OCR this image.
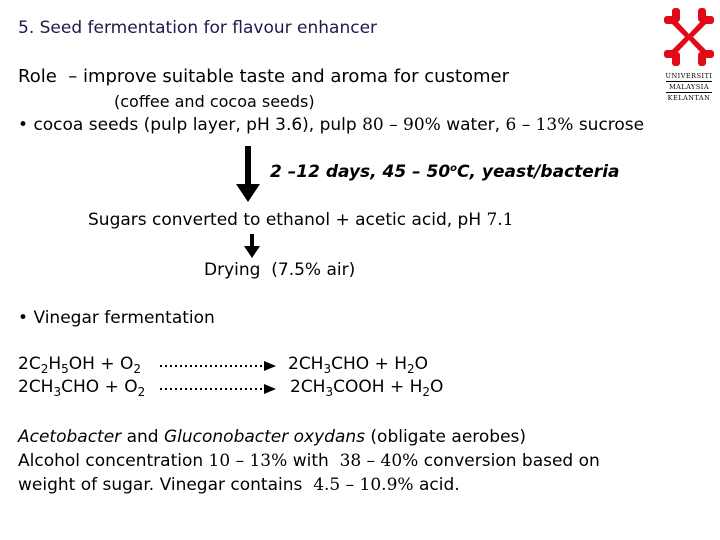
5. Seed fermentation for flavour enhancer
UNIVERSITI
MALAYSIA
KELANTAN
Role – improve suitable taste and aroma for customer
(coffee and cocoa seeds)
• cocoa seeds (pulp layer, pH 3.6), pulp 80 – 90% water, 6 – 13% sucrose
2 –12 days, 45 – 50$^o$C, yeast/bacteria
Sugars converted to ethanol + acetic acid, pH 7.1
Drying (7.5% air)
• Vinegar fermentation
$2C_2H_5OH + O_2$	$2CH_3CHO + H_2O$
$2CH_3CHO + O_2$	$2CH_3COOH + H_2O$
Acetobacter and Gluconobacter oxydans (obligate aerobes)
Alcohol concentration 10 – 13% with 38 – 40% conversion based on
weight of sugar. Vinegar contains 4.5 – 10.9% acid.
